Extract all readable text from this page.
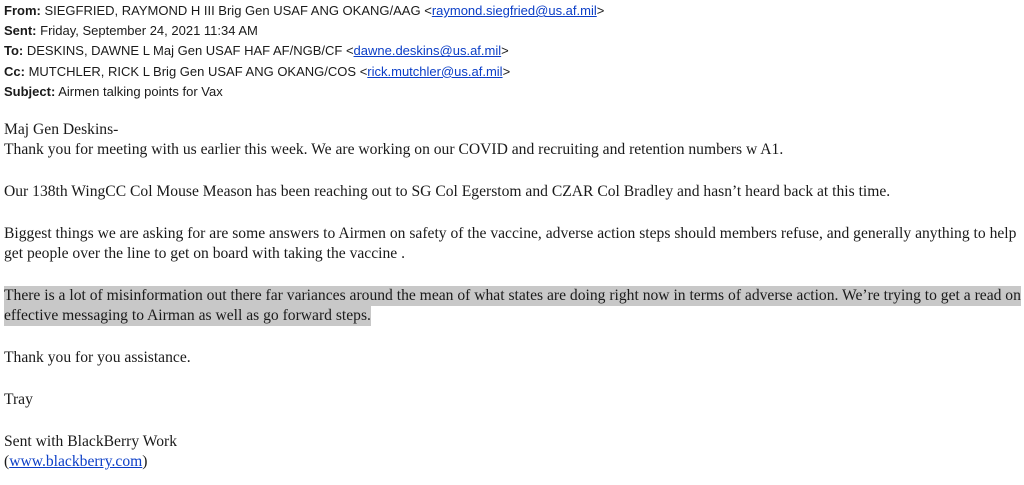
From: SIEGFRIED, RAYMOND H III Brig Gen USAF ANG OKANG/AAG <raymond.siegfried@us.af.mil>
Sent: Friday, September 24, 2021 11:34 AM
To: DESKINS, DAWNE L Maj Gen USAF HAF AF/NGB/CF <dawne.deskins@us.af.mil>
Cc: MUTCHLER, RICK L Brig Gen USAF ANG OKANG/COS <rick.mutchler@us.af.mil>
Subject: Airmen talking points for Vax

Maj Gen Deskins-

Thank you for meeting with us earlier this week. We are working on our COVID and recruiting and retention numbers w A1.

Our 138th WingCC Col Mouse Meason has been reaching out to SG Col Egerstom and CZAR Col Bradley and hasn’t heard back at this time.

Biggest things we are asking for are some answers to Airmen on safety of the vaccine, adverse action steps should members refuse, and generally anything to help get people over the line to get on board with taking the vaccine .

There is a lot of misinformation out there far variances around the mean of what states are doing right now in terms of adverse action. We’re trying to get a read on effective messaging to Airman as well as go forward steps.

Thank you for you assistance.

Tray

Sent with BlackBerry Work

(www.blackberry.com)
